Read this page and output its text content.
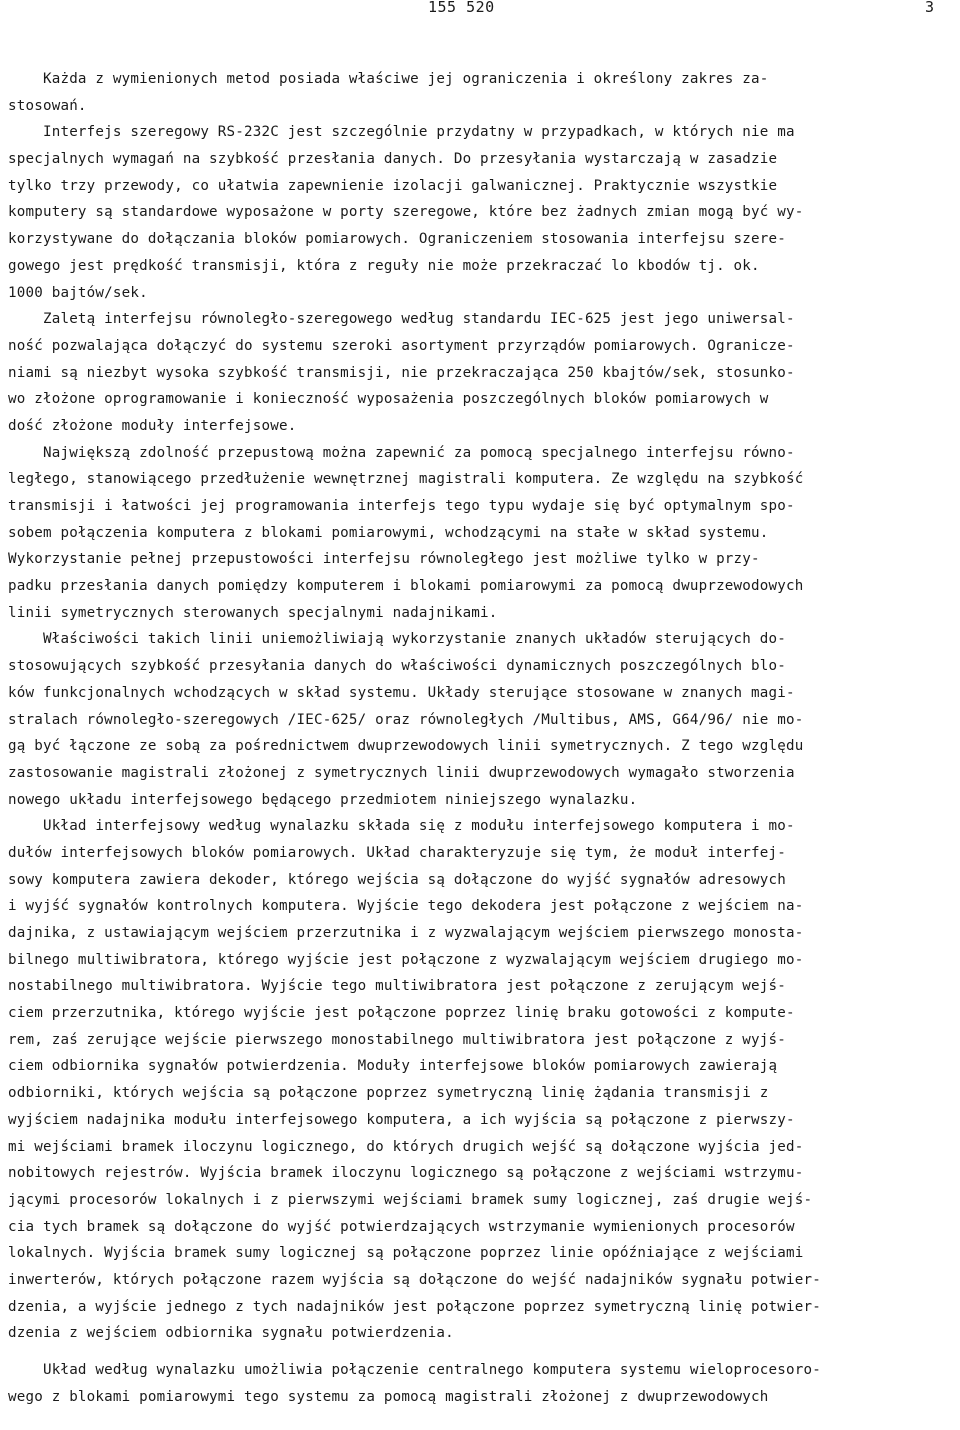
155 520	3
Każda z wymienionych metod posiada właściwe jej ograniczenia i określony zakres za-
stosowań.
Interfejs szeregowy RS-232C jest szczególnie przydatny w przypadkach, w których nie ma
specjalnych wymagań na szybkość przesłania danych. Do przesyłania wystarczają w zasadzie
tylko trzy przewody, co ułatwia zapewnienie izolacji galwanicznej. Praktycznie wszystkie
komputery są standardowe wyposażone w porty szeregowe, które bez żadnych zmian mogą być wy-
korzystywane do dołączania bloków pomiarowych. Ograniczeniem stosowania interfejsu szere-
gowego jest prędkość transmisji, która z reguły nie może przekraczać lo kbodów tj. ok.
1000 bajtów/sek.
Zaletą interfejsu równoległo-szeregowego według standardu IEC-625 jest jego uniwersal-
ność pozwalająca dołączyć do systemu szeroki asortyment przyrządów pomiarowych. Ogranicze-
niami są niezbyt wysoka szybkość transmisji, nie przekraczająca 250 kbajtów/sek, stosunko-
wo złożone oprogramowanie i konieczność wyposażenia poszczególnych bloków pomiarowych w
dość złożone moduły interfejsowe.
Największą zdolność przepustową można zapewnić za pomocą specjalnego interfejsu równo-
ległego, stanowiącego przedłużenie wewnętrznej magistrali komputera. Ze względu na szybkość
transmisji i łatwości jej programowania interfejs tego typu wydaje się być optymalnym spo-
sobem połączenia komputera z blokami pomiarowymi, wchodzącymi na stałe w skład systemu.
Wykorzystanie pełnej przepustowości interfejsu równoległego jest możliwe tylko w przy-
padku przesłania danych pomiędzy komputerem i blokami pomiarowymi za pomocą dwuprzewodowych
linii symetrycznych sterowanych specjalnymi nadajnikami.
Właściwości takich linii uniemożliwiają wykorzystanie znanych układów sterujących do-
stosowujących szybkość przesyłania danych do właściwości dynamicznych poszczególnych blo-
ków funkcjonalnych wchodzących w skład systemu. Układy sterujące stosowane w znanych magi-
stralach równoległo-szeregowych /IEC-625/ oraz równoległych /Multibus, AMS, G64/96/ nie mo-
gą być łączone ze sobą za pośrednictwem dwuprzewodowych linii symetrycznych. Z tego względu
zastosowanie magistrali złożonej z symetrycznych linii dwuprzewodowych wymagało stworzenia
nowego układu interfejsowego będącego przedmiotem niniejszego wynalazku.
Układ interfejsowy według wynalazku składa się z modułu interfejsowego komputera i mo-
dułów interfejsowych bloków pomiarowych. Układ charakteryzuje się tym, że moduł interfej-
sowy komputera zawiera dekoder, którego wejścia są dołączone do wyjść sygnałów adresowych
i wyjść sygnałów kontrolnych komputera. Wyjście tego dekodera jest połączone z wejściem na-
dajnika, z ustawiającym wejściem przerzutnika i z wyzwalającym wejściem pierwszego monosta-
bilnego multiwibratora, którego wyjście jest połączone z wyzwalającym wejściem drugiego mo-
nostabilnego multiwibratora. Wyjście tego multiwibratora jest połączone z zerującym wejś-
ciem przerzutnika, którego wyjście jest połączone poprzez linię braku gotowości z kompute-
rem, zaś zerujące wejście pierwszego monostabilnego multiwibratora jest połączone z wyjś-
ciem odbiornika sygnałów potwierdzenia. Moduły interfejsowe bloków pomiarowych zawierają
odbiorniki, których wejścia są połączone poprzez symetryczną linię żądania transmisji z
wyjściem nadajnika modułu interfejsowego komputera, a ich wyjścia są połączone z pierwszy-
mi wejściami bramek iloczynu logicznego, do których drugich wejść są dołączone wyjścia jed-
nobitowych rejestrów. Wyjścia bramek iloczynu logicznego są połączone z wejściami wstrzymu-
jącymi procesorów lokalnych i z pierwszymi wejściami bramek sumy logicznej, zaś drugie wejś-
cia tych bramek są dołączone do wyjść potwierdzających wstrzymanie wymienionych procesorów
lokalnych. Wyjścia bramek sumy logicznej są połączone poprzez linie opóźniające z wejściami
inwerterów, których połączone razem wyjścia są dołączone do wejść nadajników sygnału potwier-
dzenia, a wyjście jednego z tych nadajników jest połączone poprzez symetryczną linię potwier-
dzenia z wejściem odbiornika sygnału potwierdzenia.
Układ według wynalazku umożliwia połączenie centralnego komputera systemu wieloprocesoro-
wego z blokami pomiarowymi tego systemu za pomocą magistrali złożonej z dwuprzewodowych
